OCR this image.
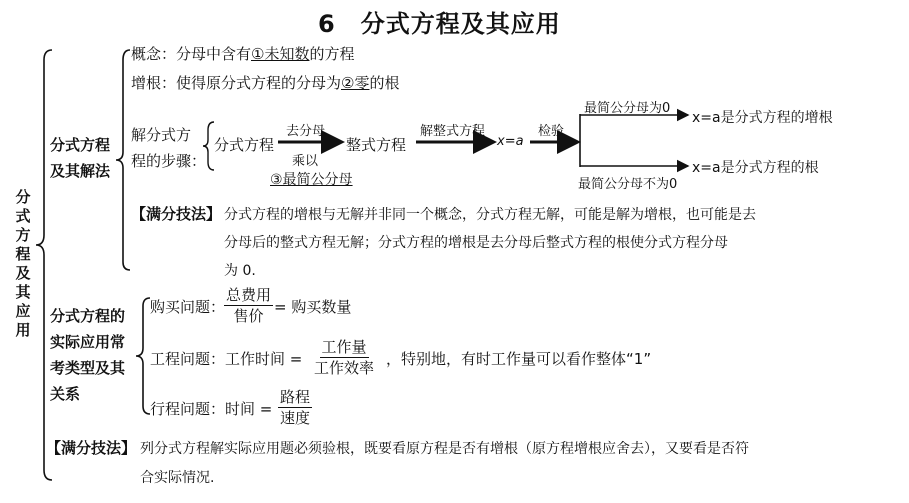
6　分式方程及其应用
分式方程及其应用
分式方程
及其解法
概念：分母中含有①未知数的方程
增根：使得原分式方程的分母为②零的根
解分式方
程的步骤：
分式方程
去分母
乘以
③最简公分母
整式方程
解整式方程
x=a
检验
最简公分母为0
x=a是分式方程的增根
最简公分母不为0
x=a是分式方程的根
【满分技法】 分式方程的增根与无解并非同一个概念，分式方程无解，可能是解为增根，也可能是去
分母后的整式方程无解；分式方程的增根是去分母后整式方程的根使分式方程分母
为 0.
分式方程的
实际应用常
考类型及其
关系
购买问题：
总费用
售价 = 购买数量
工程问题：工作时间 =
工作量
工作效率 ，特别地，有时工作量可以看作整体“1”
行程问题：时间 =
路程
速度
【满分技法】 列分式方程解实际应用题必须验根，既要看原方程是否有增根（原方程增根应舍去），又要看是否符
合实际情况.
